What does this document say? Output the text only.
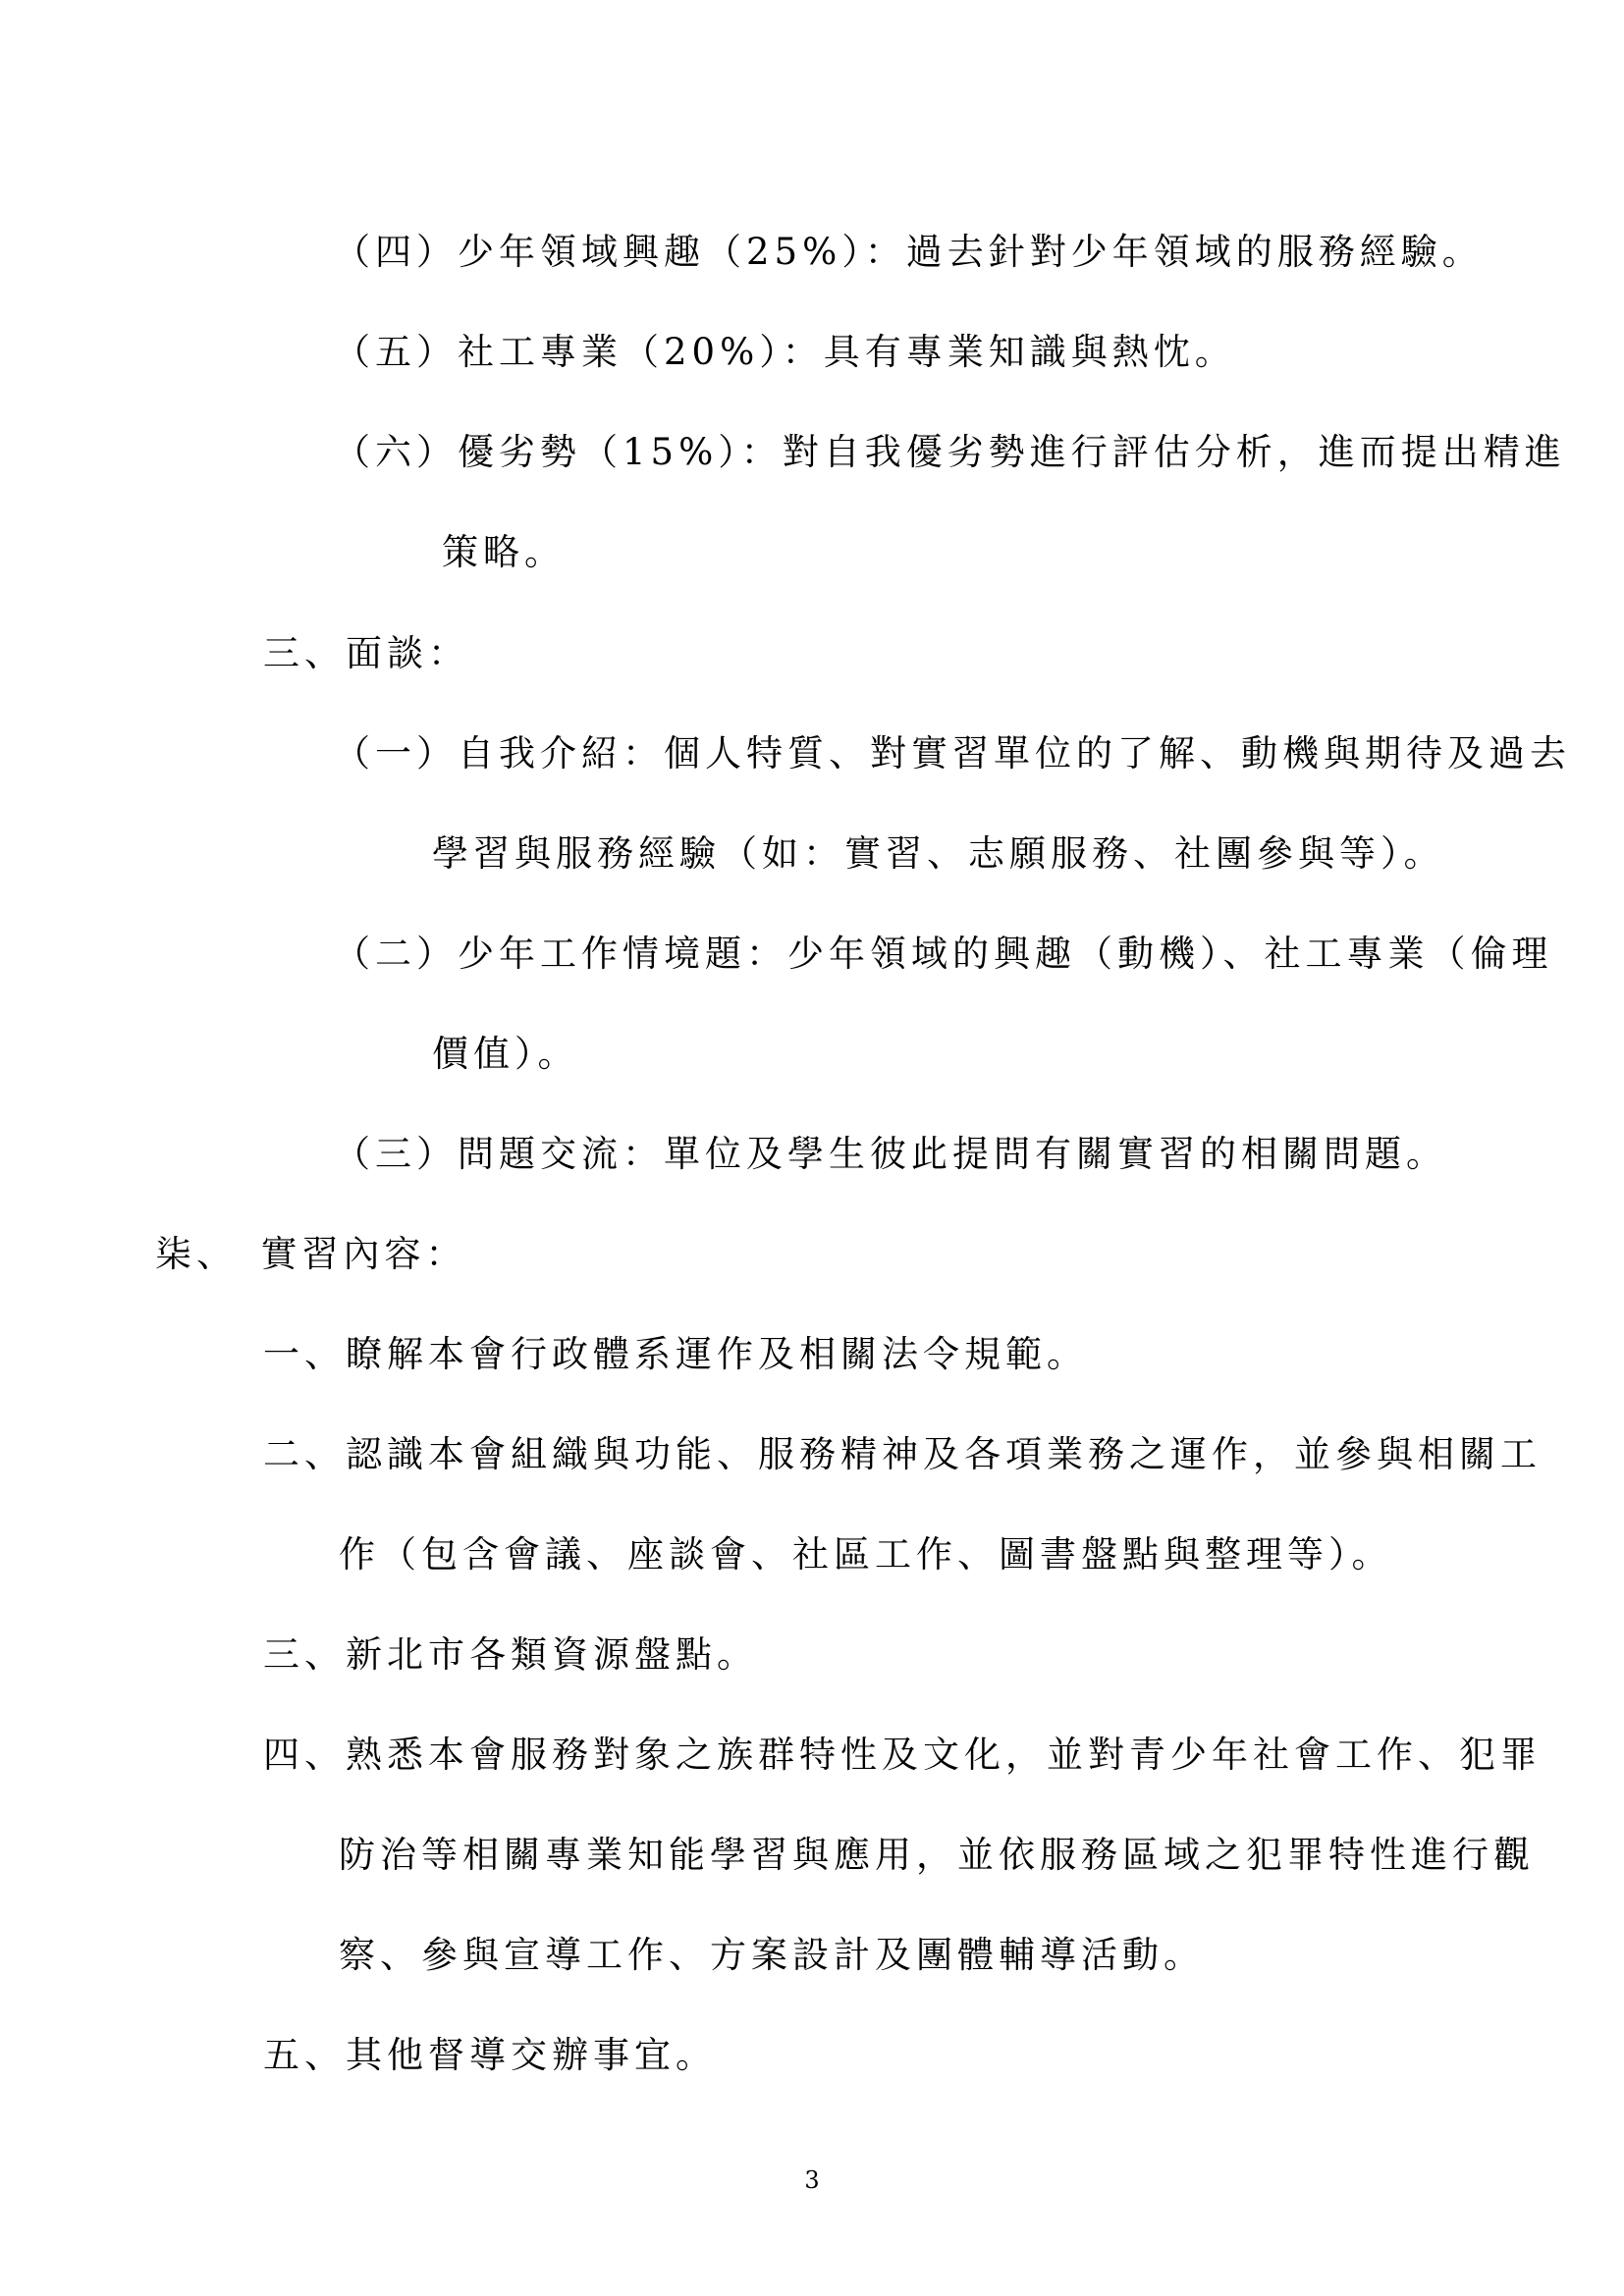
（四）少年領域興趣（25%）：過去針對少年領域的服務經驗。
（五）社工專業（20%）：具有專業知識與熱忱。
（六）優劣勢（15%）：對自我優劣勢進行評估分析，進而提出精進
策略。
三、面談：
（一）自我介紹：個人特質、對實習單位的了解、動機與期待及過去
學習與服務經驗（如：實習、志願服務、社團參與等）。
（二）少年工作情境題：少年領域的興趣（動機）、社工專業（倫理
價值）。
（三）問題交流：單位及學生彼此提問有關實習的相關問題。
柒、　實習內容：
一、瞭解本會行政體系運作及相關法令規範。
二、認識本會組織與功能、服務精神及各項業務之運作，並參與相關工
作（包含會議、座談會、社區工作、圖書盤點與整理等）。
三、新北市各類資源盤點。
四、熟悉本會服務對象之族群特性及文化，並對青少年社會工作、犯罪
防治等相關專業知能學習與應用，並依服務區域之犯罪特性進行觀
察、參與宣導工作、方案設計及團體輔導活動。
五、其他督導交辦事宜。
3
